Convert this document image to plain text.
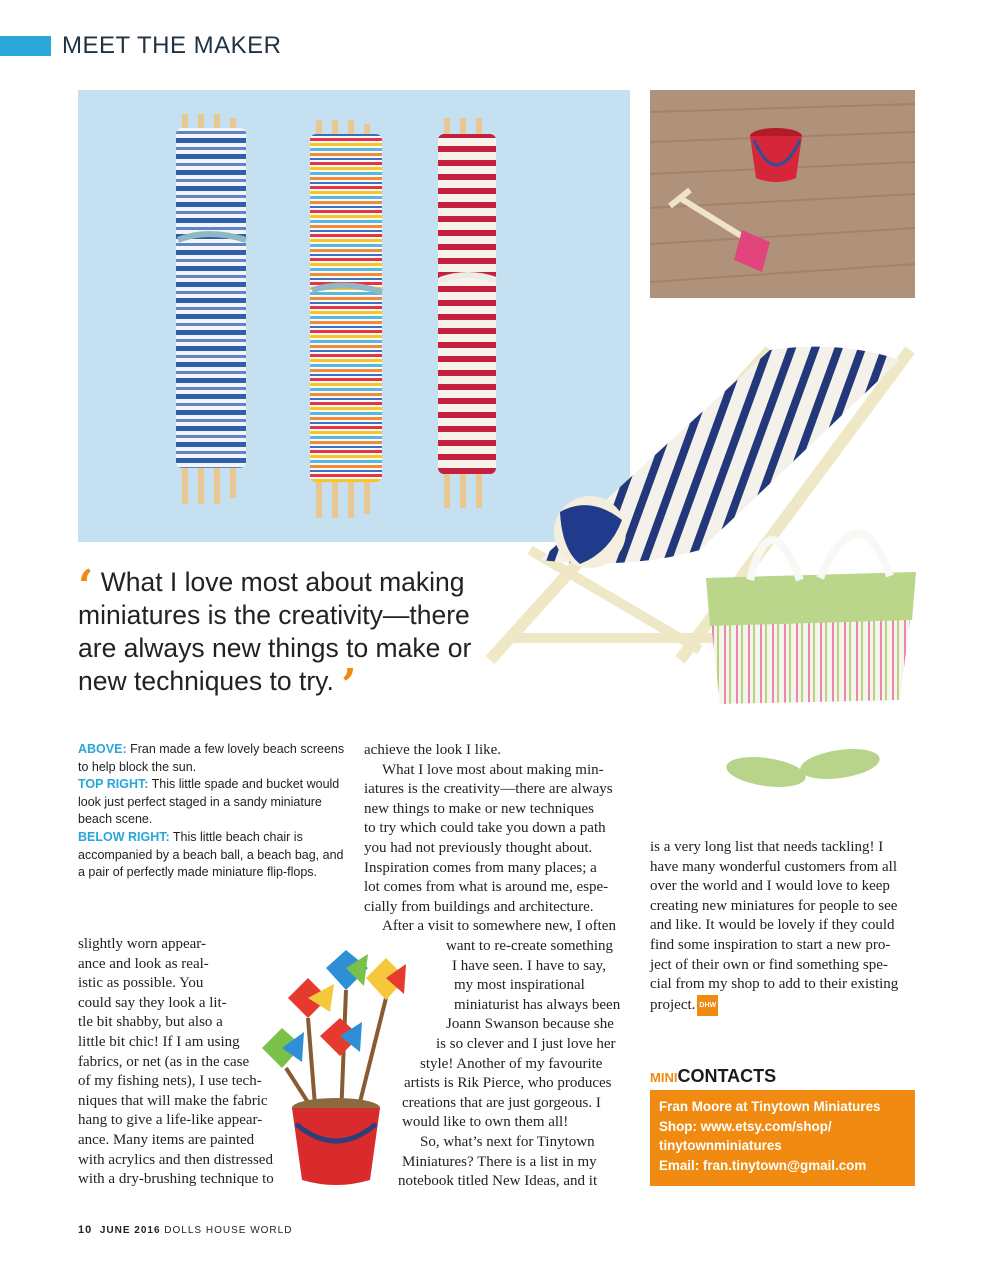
MEET THE MAKER
‘ What I love most about making miniatures is the creativity—there are always new things to make or new techniques to try. ’
ABOVE: Fran made a few lovely beach screens to help block the sun.
TOP RIGHT: This little spade and bucket would look just perfect staged in a sandy miniature beach scene.
BELOW RIGHT: This little beach chair is accompanied by a beach ball, a beach bag, and a pair of perfectly made miniature flip-flops.
slightly worn appear-
ance and look as real-
istic as possible. You
could say they look a lit-
tle bit shabby, but also a
little bit chic! If I am using
fabrics, or net (as in the case
of my fishing nets), I use tech-
niques that will make the fabric
hang to give a life-like appear-
ance. Many items are painted
with acrylics and then distressed
with a dry-brushing technique to
achieve the look I like.
What I love most about making min-
iatures is the creativity—there are always
new things to make or new techniques
to try which could take you down a path
you had not previously thought about.
Inspiration comes from many places; a
lot comes from what is around me, espe-
cially from buildings and architecture.
After a visit to somewhere new, I often
want to re-create something
I have seen. I have to say,
my most inspirational
miniaturist has always been
Joann Swanson because she
is so clever and I just love her
style! Another of my favourite
artists is Rik Pierce, who produces
creations that are just gorgeous. I
would like to own them all!
So, what’s next for Tinytown
Miniatures? There is a list in my
notebook titled New Ideas, and it
is a very long list that needs tackling! I
have many wonderful customers from all
over the world and I would love to keep
creating new miniatures for people to see
and like. It would be lovely if they could
find some inspiration to start a new pro-
ject of their own or find something spe-
cial from my shop to add to their existing
project. DHW
MINICONTACTS
Fran Moore at Tinytown Miniatures
Shop: www.etsy.com/shop/
tinytownminiatures
Email: fran.tinytown@gmail.com
10 JUNE 2016 DOLLS HOUSE WORLD
